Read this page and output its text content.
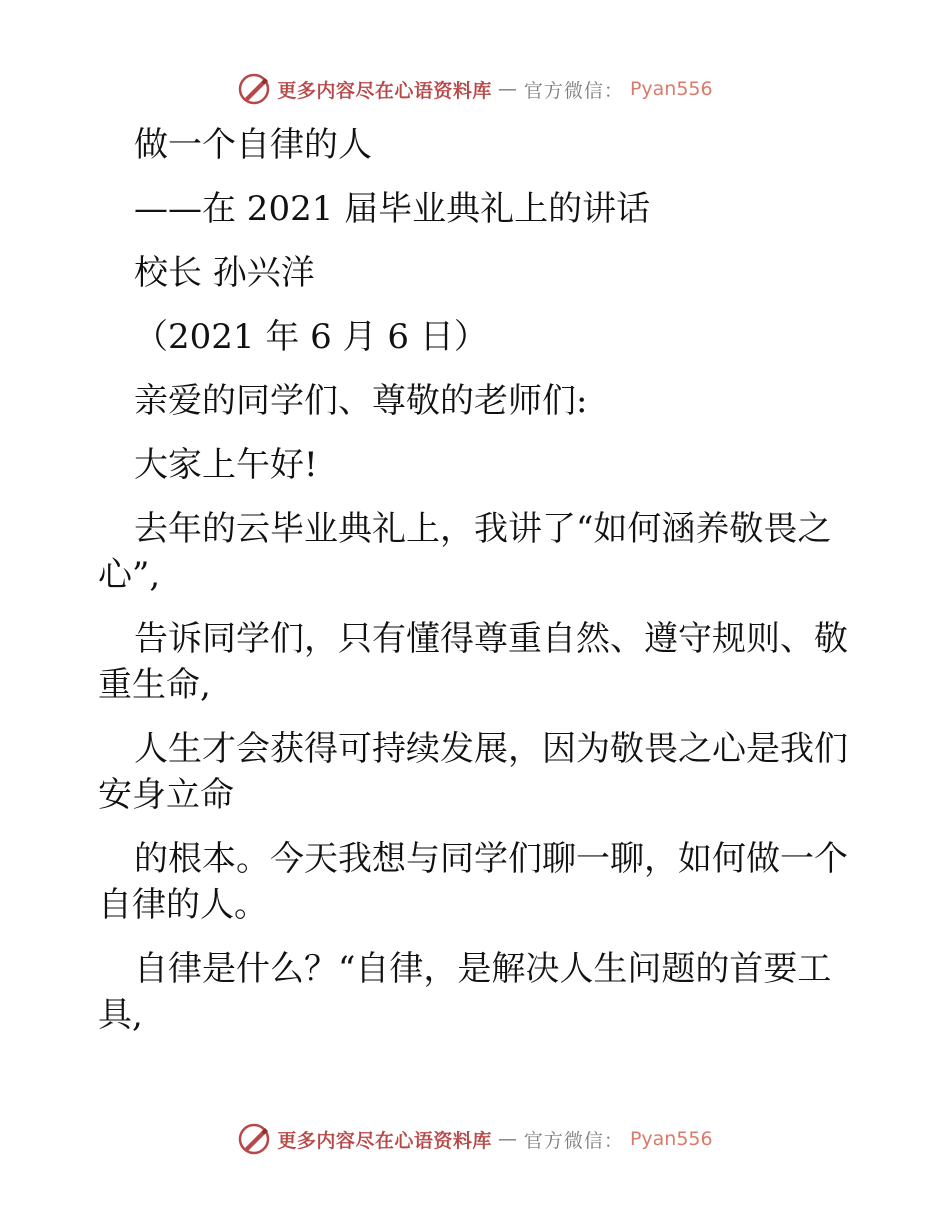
更多内容尽在心语资料库 — 官方微信： Pyan556
做一个自律的人
——在 2021 届毕业典礼上的讲话
校长 孙兴洋
（2021 年 6 月 6 日）
亲爱的同学们、尊敬的老师们:
大家上午好!
去年的云毕业典礼上，我讲了“如何涵养敬畏之
心”,
告诉同学们，只有懂得尊重自然、遵守规则、敬
重生命,
人生才会获得可持续发展，因为敬畏之心是我们
安身立命
的根本。今天我想与同学们聊一聊，如何做一个
自律的人。
自律是什么？“自律，是解决人生问题的首要工
具,
更多内容尽在心语资料库 — 官方微信： Pyan556
